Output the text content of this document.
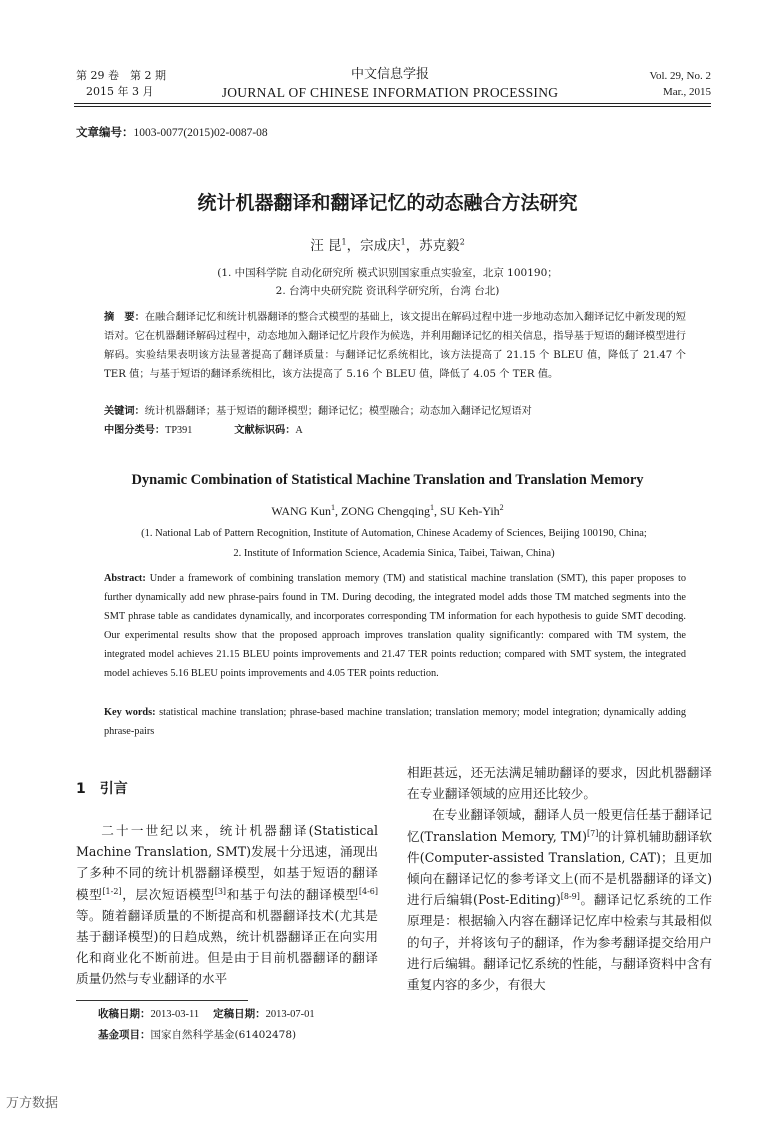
第 29 卷　第 2 期
2015 年 3 月
中文信息学报
JOURNAL OF CHINESE INFORMATION PROCESSING
Vol. 29, No. 2
Mar., 2015
文章编号：1003-0077(2015)02-0087-08
统计机器翻译和翻译记忆的动态融合方法研究
汪 昆$^1$，宗成庆$^1$，苏克毅$^2$
(1. 中国科学院 自动化研究所 模式识别国家重点实验室，北京 100190；
2. 台湾中央研究院 资讯科学研究所，台湾 台北)
摘　要：在融合翻译记忆和统计机器翻译的整合式模型的基础上，该文提出在解码过程中进一步地动态加入翻译记忆中新发现的短语对。它在机器翻译解码过程中，动态地加入翻译记忆片段作为候选，并利用翻译记忆的相关信息，指导基于短语的翻译模型进行解码。实验结果表明该方法显著提高了翻译质量：与翻译记忆系统相比，该方法提高了 21.15 个 BLEU 值，降低了 21.47 个 TER 值；与基于短语的翻译系统相比，该方法提高了 5.16 个 BLEU 值，降低了 4.05 个 TER 值。
关键词：统计机器翻译；基于短语的翻译模型；翻译记忆；模型融合；动态加入翻译记忆短语对
中图分类号：TP391	文献标识码：A
Dynamic Combination of Statistical Machine Translation and Translation Memory
WANG Kun$^1$, ZONG Chengqing$^1$, SU Keh-Yih$^2$
(1. National Lab of Pattern Recognition, Institute of Automation, Chinese Academy of Sciences, Beijing 100190, China;
2. Institute of Information Science, Academia Sinica, Taibei, Taiwan, China)
Abstract: Under a framework of combining translation memory (TM) and statistical machine translation (SMT), this paper proposes to further dynamically add new phrase-pairs found in TM. During decoding, the integrated model adds those TM matched segments into the SMT phrase table as candidates dynamically, and incorporates corresponding TM information for each hypothesis to guide SMT decoding. Our experimental results show that the proposed approach improves translation quality significantly: compared with TM system, the integrated model achieves 21.15 BLEU points improvements and 21.47 TER points reduction; compared with SMT system, the integrated model achieves 5.16 BLEU points improvements and 4.05 TER points reduction.
Key words: statistical machine translation; phrase-based machine translation; translation memory; model integration; dynamically adding phrase-pairs
1 引言

二十一世纪以来，统计机器翻译(Statistical Machine Translation, SMT)发展十分迅速，涌现出了多种不同的统计机器翻译模型，如基于短语的翻译模型[1-2]，层次短语模型[3]和基于句法的翻译模型[4-6]等。随着翻译质量的不断提高和机器翻译技术(尤其是基于翻译模型)的日趋成熟，统计机器翻译正在向实用化和商业化不断前进。但是由于目前机器翻译的翻译质量仍然与专业翻译的水平

相距甚远，还无法满足辅助翻译的要求，因此机器翻译在专业翻译领域的应用还比较少。

在专业翻译领域，翻译人员一般更信任基于翻译记忆(Translation Memory, TM)[7]的计算机辅助翻译软件(Computer-assisted Translation, CAT)；且更加倾向在翻译记忆的参考译文上(而不是机器翻译的译文)进行后编辑(Post-Editing)[8-9]。翻译记忆系统的工作原理是：根据输入内容在翻译记忆库中检索与其最相似的句子，并将该句子的翻译，作为参考翻译提交给用户进行后编辑。翻译记忆系统的性能，与翻译资料中含有重复内容的多少，有很大

收稿日期：2013-03-11 定稿日期：2013-07-01
基金项目：国家自然科学基金(61402478)
万方数据
